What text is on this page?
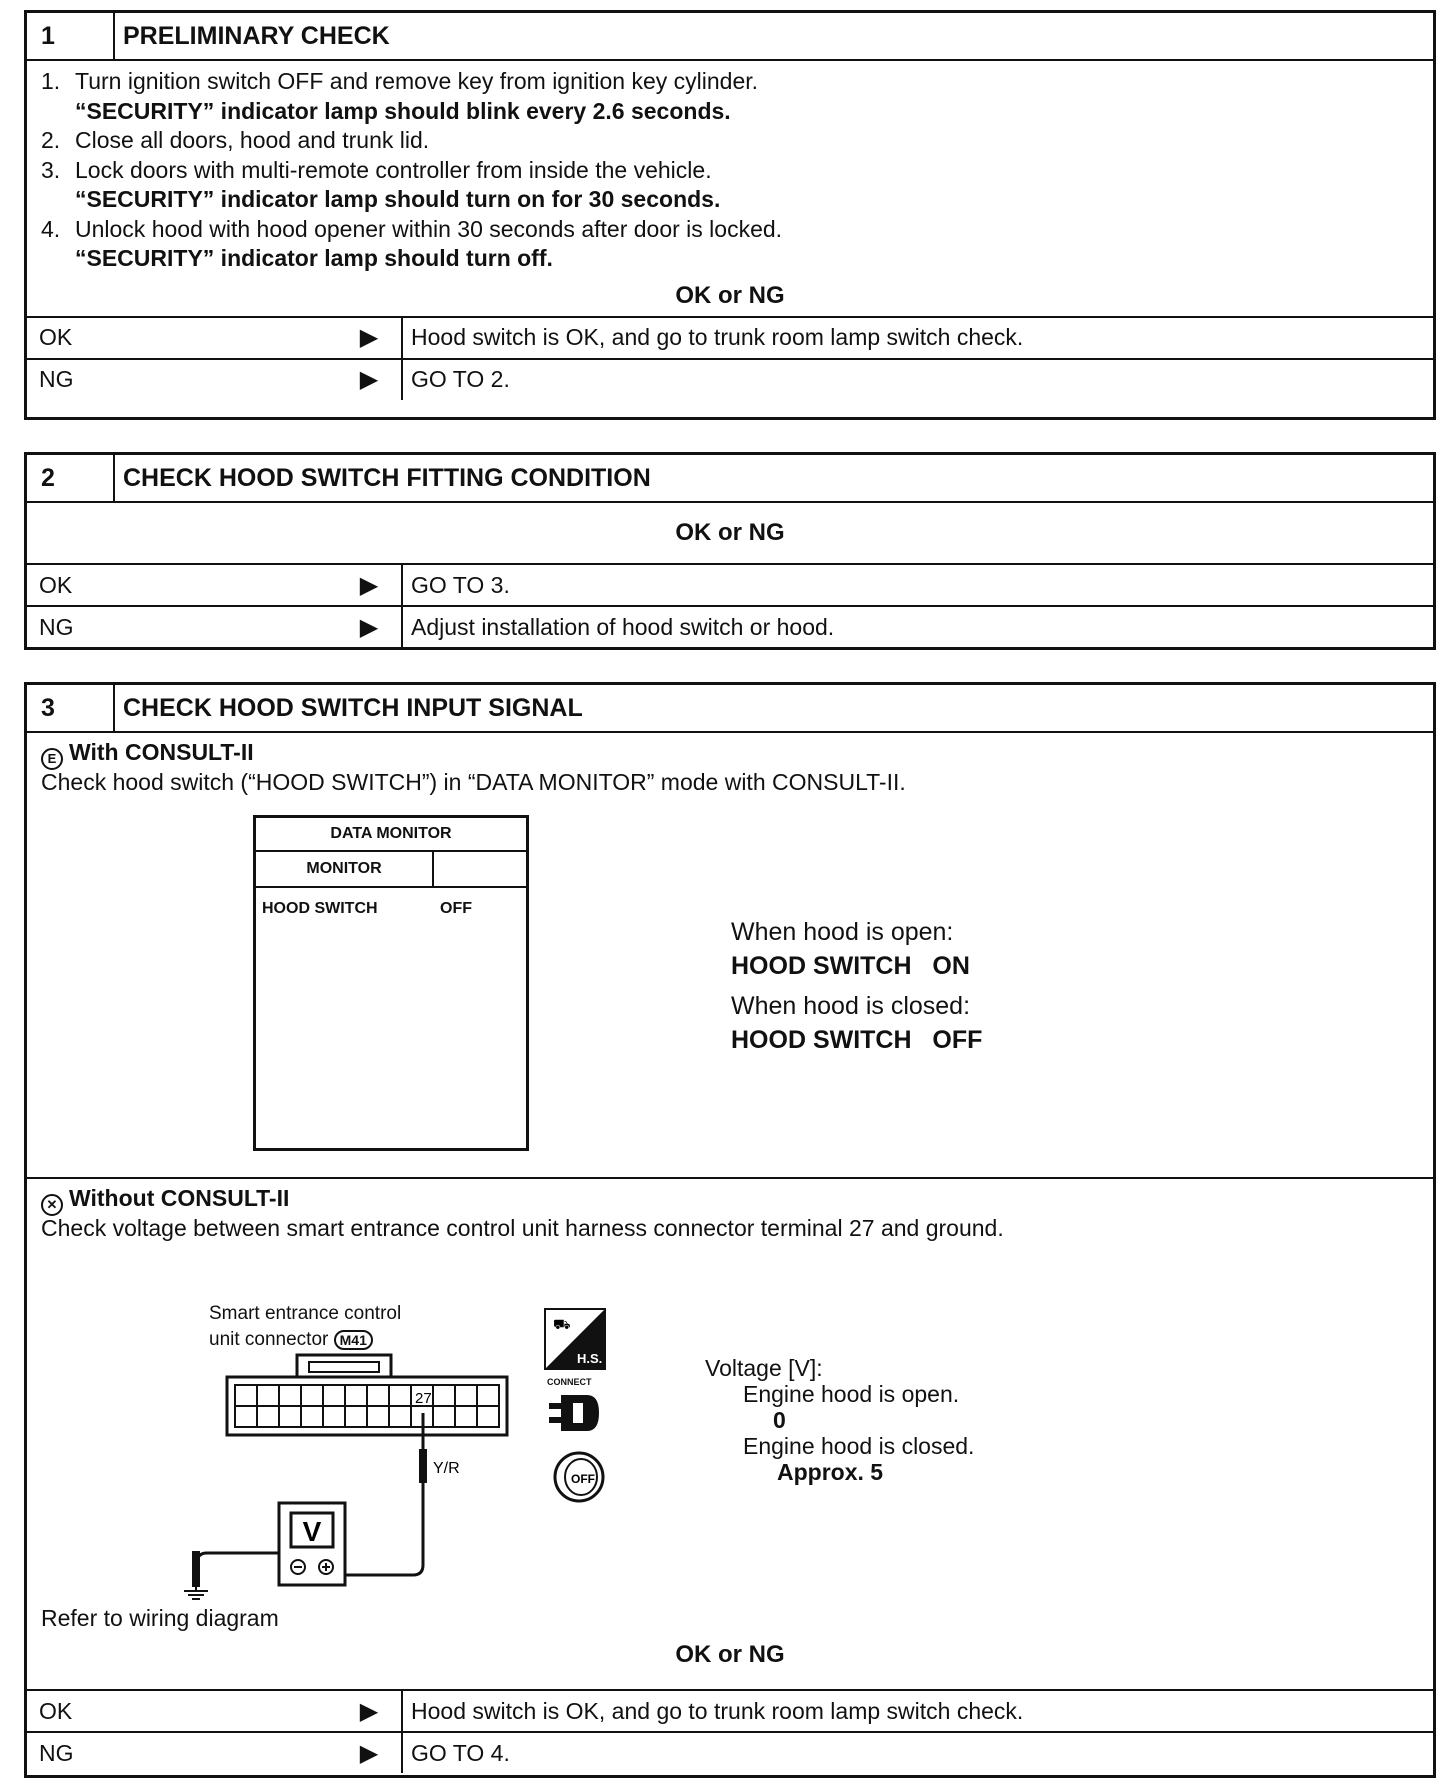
1	PRELIMINARY CHECK
1. Turn ignition switch OFF and remove key from ignition key cylinder.
“SECURITY” indicator lamp should blink every 2.6 seconds.
2. Close all doors, hood and trunk lid.
3. Lock doors with multi-remote controller from inside the vehicle.
“SECURITY” indicator lamp should turn on for 30 seconds.
4. Unlock hood with hood opener within 30 seconds after door is locked.
“SECURITY” indicator lamp should turn off.
OK or NG
OK	▶	Hood switch is OK, and go to trunk room lamp switch check.
NG	▶	GO TO 2.
2	CHECK HOOD SWITCH FITTING CONDITION
OK or NG
OK	▶	GO TO 3.
NG	▶	Adjust installation of hood switch or hood.
3	CHECK HOOD SWITCH INPUT SIGNAL
E With CONSULT-II
Check hood switch (“HOOD SWITCH”) in “DATA MONITOR” mode with CONSULT-II.
DATA MONITOR
MONITOR
HOOD SWITCH	OFF
When hood is open:
HOOD SWITCH   ON
When hood is closed:
HOOD SWITCH   OFF
✕ Without CONSULT-II
Check voltage between smart entrance control unit harness connector terminal 27 and ground.
Smart entrance control
unit connector M41
27
Y/R
V
⛟
H.S.
CONNECT
OFF
Voltage [V]:
Engine hood is open.
0
Engine hood is closed.
Approx. 5
Refer to wiring diagram
OK or NG
OK	▶	Hood switch is OK, and go to trunk room lamp switch check.
NG	▶	GO TO 4.
